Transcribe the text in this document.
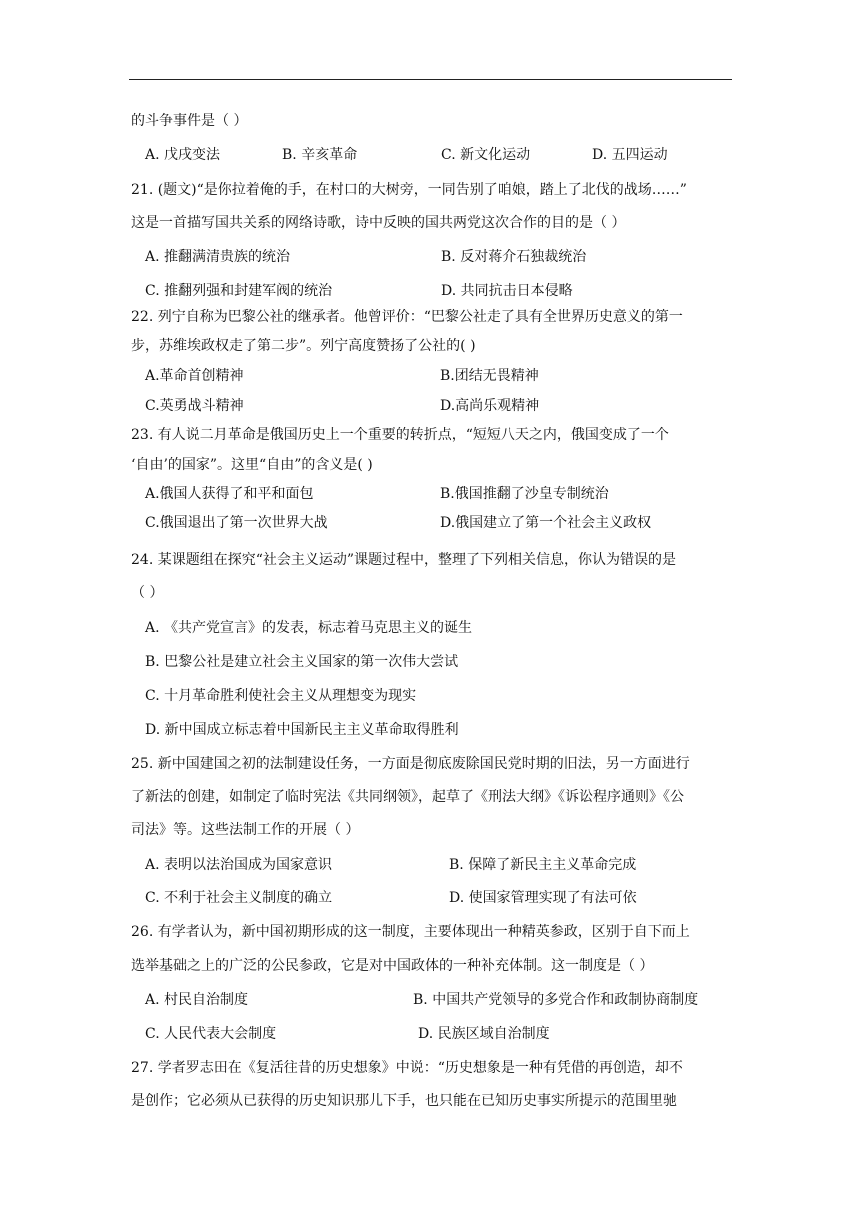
的斗争事件是（ ）
A. 戊戌变法	B. 辛亥革命	C. 新文化运动	D. 五四运动
21. (题文)“是你拉着俺的手，在村口的大树旁，一同告别了咱娘，踏上了北伐的战场……”
这是一首描写国共关系的网络诗歌，诗中反映的国共两党这次合作的目的是（ ）
A. 推翻满清贵族的统治	B. 反对蒋介石独裁统治
C. 推翻列强和封建军阀的统治	D. 共同抗击日本侵略
22. 列宁自称为巴黎公社的继承者。他曾评价：“巴黎公社走了具有全世界历史意义的第一
步，苏维埃政权走了第二步”。列宁高度赞扬了公社的( )
A.革命首创精神	B.团结无畏精神
C.英勇战斗精神	D.高尚乐观精神
23. 有人说二月革命是俄国历史上一个重要的转折点，“短短八天之内，俄国变成了一个
‘自由’的国家”。这里“自由”的含义是( )
A.俄国人获得了和平和面包	B.俄国推翻了沙皇专制统治
C.俄国退出了第一次世界大战	D.俄国建立了第一个社会主义政权
24. 某课题组在探究“社会主义运动”课题过程中，整理了下列相关信息，你认为错误的是
（ ）
A. 《共产党宣言》的发表，标志着马克思主义的诞生
B. 巴黎公社是建立社会主义国家的第一次伟大尝试
C. 十月革命胜利使社会主义从理想变为现实
D. 新中国成立标志着中国新民主主义革命取得胜利
25. 新中国建国之初的法制建设任务，一方面是彻底废除国民党时期的旧法，另一方面进行
了新法的创建，如制定了临时宪法《共同纲领》，起草了《刑法大纲》《诉讼程序通则》《公
司法》等。这些法制工作的开展（ ）
A. 表明以法治国成为国家意识	B. 保障了新民主主义革命完成
C. 不利于社会主义制度的确立	D. 使国家管理实现了有法可依
26. 有学者认为，新中国初期形成的这一制度，主要体现出一种精英参政，区别于自下而上
选举基础之上的广泛的公民参政，它是对中国政体的一种补充体制。这一制度是（ ）
A. 村民自治制度	B. 中国共产党领导的多党合作和政制协商制度
C. 人民代表大会制度	D. 民族区域自治制度
27. 学者罗志田在《复活往昔的历史想象》中说：“历史想象是一种有凭借的再创造，却不
是创作；它必须从已获得的历史知识那儿下手，也只能在已知历史事实所提示的范围里驰
